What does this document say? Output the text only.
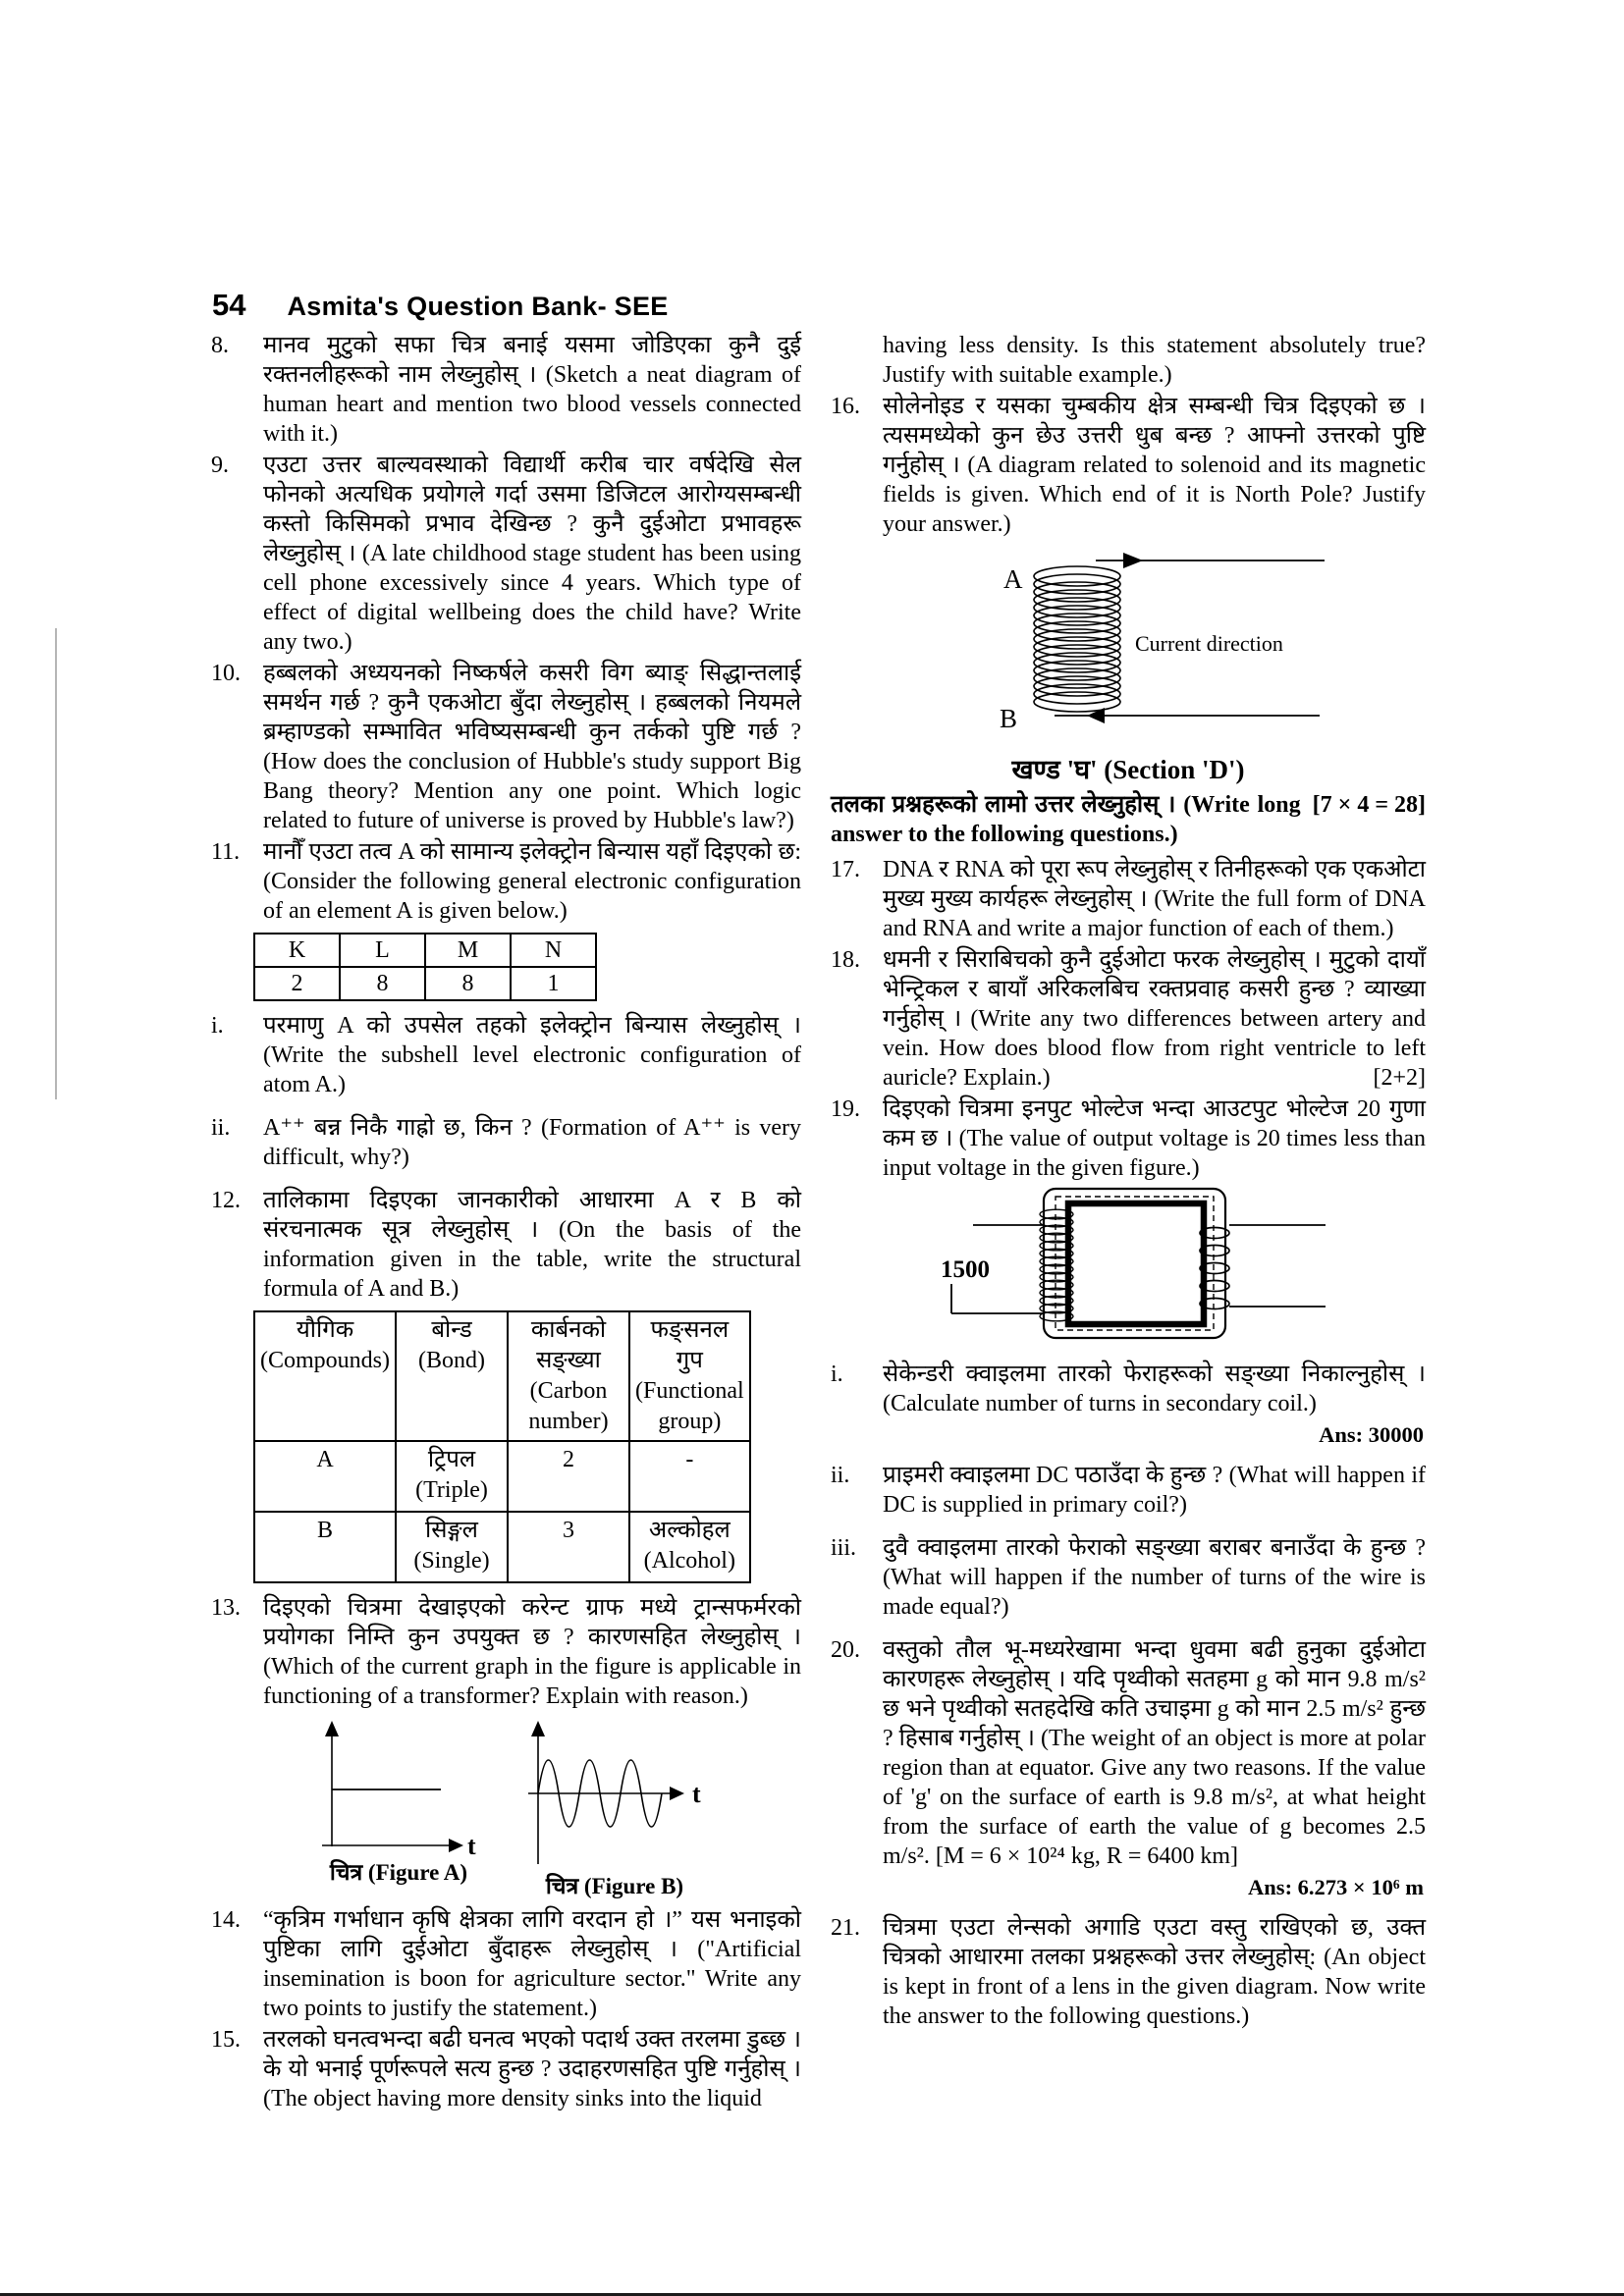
54 Asmita's Question Bank- SEE
8.	मानव मुटुको सफा चित्र बनाई यसमा जोडिएका कुनै दुई रक्तनलीहरूको नाम लेख्नुहोस् । (Sketch a neat diagram of human heart and mention two blood vessels connected with it.)
9.	एउटा उत्तर बाल्यवस्थाको विद्यार्थी करीब चार वर्षदेखि सेल फोनको अत्यधिक प्रयोगले गर्दा उसमा डिजिटल आरोग्यसम्बन्धी कस्तो किसिमको प्रभाव देखिन्छ ? कुनै दुईओटा प्रभावहरू लेख्नुहोस् । (A late childhood stage student has been using cell phone excessively since 4 years. Which type of effect of digital wellbeing does the child have? Write any two.)
10. हब्बलको अध्ययनको निष्कर्षले कसरी विग ब्याङ् सिद्धान्तलाई समर्थन गर्छ ? कुनै एकओटा बुँदा लेख्नुहोस् । हब्बलको नियमले ब्रम्हाण्डको सम्भावित भविष्यसम्बन्धी कुन तर्कको पुष्टि गर्छ ? (How does the conclusion of Hubble's study support Big Bang theory? Mention any one point. Which logic related to future of universe is proved by Hubble's law?)
11. मानौँ एउटा तत्व A को सामान्य इलेक्ट्रोन बिन्यास यहाँ दिइएको छ: (Consider the following general electronic configuration of an element A is given below.)
K	L	M	N
2	8	8	1
i.	परमाणु A को उपसेल तहको इलेक्ट्रोन बिन्यास लेख्नुहोस् । (Write the subshell level electronic configuration of atom A.)
ii.	A⁺⁺ बन्न निकै गाह्रो छ, किन ? (Formation of A⁺⁺ is very difficult, why?)
12. तालिकामा दिइएका जानकारीको आधारमा A र B को संरचनात्मक सूत्र लेख्नुहोस् । (On the basis of the information given in the table, write the structural formula of A and B.)
यौगिक (Compounds)	बोन्ड (Bond)	कार्बनको सङ्ख्या (Carbon number)	फङ्सनल गुप (Functional group)
A	ट्रिपल (Triple)	2	-
B	सिङ्गल (Single)	3	अल्कोहल (Alcohol)
13. दिइएको चित्रमा देखाइएको करेन्ट ग्राफ मध्ये ट्रान्सफर्मरको प्रयोगका निम्ति कुन उपयुक्त छ ? कारणसहित लेख्नुहोस् । (Which of the current graph in the figure is applicable in functioning of a transformer? Explain with reason.)
t
चित्र (Figure A)
t
चित्र (Figure B)
14. “कृत्रिम गर्भाधान कृषि क्षेत्रका लागि वरदान हो ।” यस भनाइको पुष्टिका लागि दुईओटा बुँदाहरू लेख्नुहोस् । ("Artificial insemination is boon for agriculture sector." Write any two points to justify the statement.)
15. तरलको घनत्वभन्दा बढी घनत्व भएको पदार्थ उक्त तरलमा डुब्छ । के यो भनाई पूर्णरूपले सत्य हुन्छ ? उदाहरणसहित पुष्टि गर्नुहोस् । (The object having more density sinks into the liquid
having less density. Is this statement absolutely true? Justify with suitable example.)
16. सोलेनोइड र यसका चुम्बकीय क्षेत्र सम्बन्धी चित्र दिइएको छ । त्यसमध्येको कुन छेउ उत्तरी धुब बन्छ ? आफ्नो उत्तरको पुष्टि गर्नुहोस् । (A diagram related to solenoid and its magnetic fields is given. Which end of it is North Pole? Justify your answer.)
A
B
Current direction
खण्ड 'घ' (Section 'D')
[7 × 4 = 28]
तलका प्रश्नहरूको लामो उत्तर लेख्नुहोस् । (Write long answer to the following questions.)
17. DNA र RNA को पूरा रूप लेख्नुहोस् र तिनीहरूको एक एकओटा मुख्य मुख्य कार्यहरू लेख्नुहोस् । (Write the full form of DNA and RNA and write a major function of each of them.)
18. धमनी र सिराबिचको कुनै दुईओटा फरक लेख्नुहोस् । मुटुको दायाँ भेन्ट्रिकल र बायाँ अरिकलबिच रक्तप्रवाह कसरी हुन्छ ? व्याख्या गर्नुहोस् । (Write any two differences between artery and vein. How does blood flow from right ventricle to left auricle? Explain.)	[2+2]
19. दिइएको चित्रमा इनपुट भोल्टेज भन्दा आउटपुट भोल्टेज 20 गुणा कम छ । (The value of output voltage is 20 times less than input voltage in the given figure.)
1500
i.	सेकेन्डरी क्वाइलमा तारको फेराहरूको सङ्ख्या निकाल्नुहोस् । (Calculate number of turns in secondary coil.)
Ans: 30000
ii.	प्राइमरी क्वाइलमा DC पठाउँदा के हुन्छ ? (What will happen if DC is supplied in primary coil?)
iii.	दुवै क्वाइलमा तारको फेराको सङ्ख्या बराबर बनाउँदा के हुन्छ ? (What will happen if the number of turns of the wire is made equal?)
20. वस्तुको तौल भू-मध्यरेखामा भन्दा धुवमा बढी हुनुका दुईओटा कारणहरू लेख्नुहोस् । यदि पृथ्वीको सतहमा g को मान 9.8 m/s² छ भने पृथ्वीको सतहदेखि कति उचाइमा g को मान 2.5 m/s² हुन्छ ? हिसाब गर्नुहोस् । (The weight of an object is more at polar region than at equator. Give any two reasons. If the value of 'g' on the surface of earth is 9.8 m/s², at what height from the surface of earth the value of g becomes 2.5 m/s². [M = 6 × 10²⁴ kg, R = 6400 km]
Ans: 6.273 × 10⁶ m
21. चित्रमा एउटा लेन्सको अगाडि एउटा वस्तु राखिएको छ, उक्त चित्रको आधारमा तलका प्रश्नहरूको उत्तर लेख्नुहोस्: (An object is kept in front of a lens in the given diagram. Now write the answer to the following questions.)
